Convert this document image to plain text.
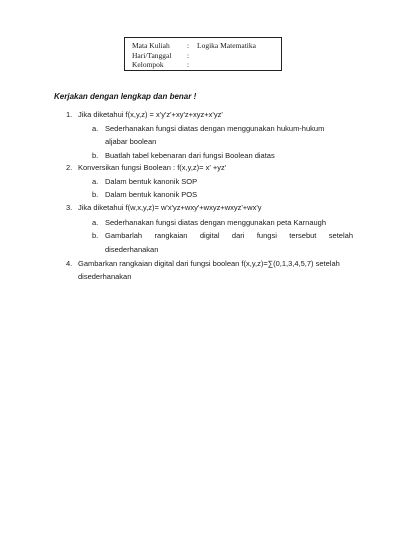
Mata Kuliah	:	Logika Matematika
Hari/Tanggal	:
Kelompok	:
Kerjakan dengan lengkap dan benar !
1. Jika diketahui f(x,y,z) = x'y'z'+xy'z+xyz+x'yz'
a. Sederhanakan fungsi diatas dengan menggunakan hukum-hukum
aljabar boolean
b. Buatlah tabel kebenaran dari fungsi Boolean diatas
2. Konversikan fungsi Boolean : f(x,y,z)= x' +yz'
a. Dalam bentuk kanonik SOP
b. Dalam bentuk kanonik POS
3. Jika diketahui f(w,x,y,z)= w'x'yz+wxy'+wxyz+wxyz'+wx'y
a. Sederhanakan fungsi diatas dengan menggunakan peta Karnaugh
b. Gambarlah rangkaian digital dari fungsi tersebut setelah
disederhanakan
4. Gambarkan rangkaian digital dari fungsi boolean f(x,y,z)=∑(0,1,3,4,5,7) setelah
disederhanakan
